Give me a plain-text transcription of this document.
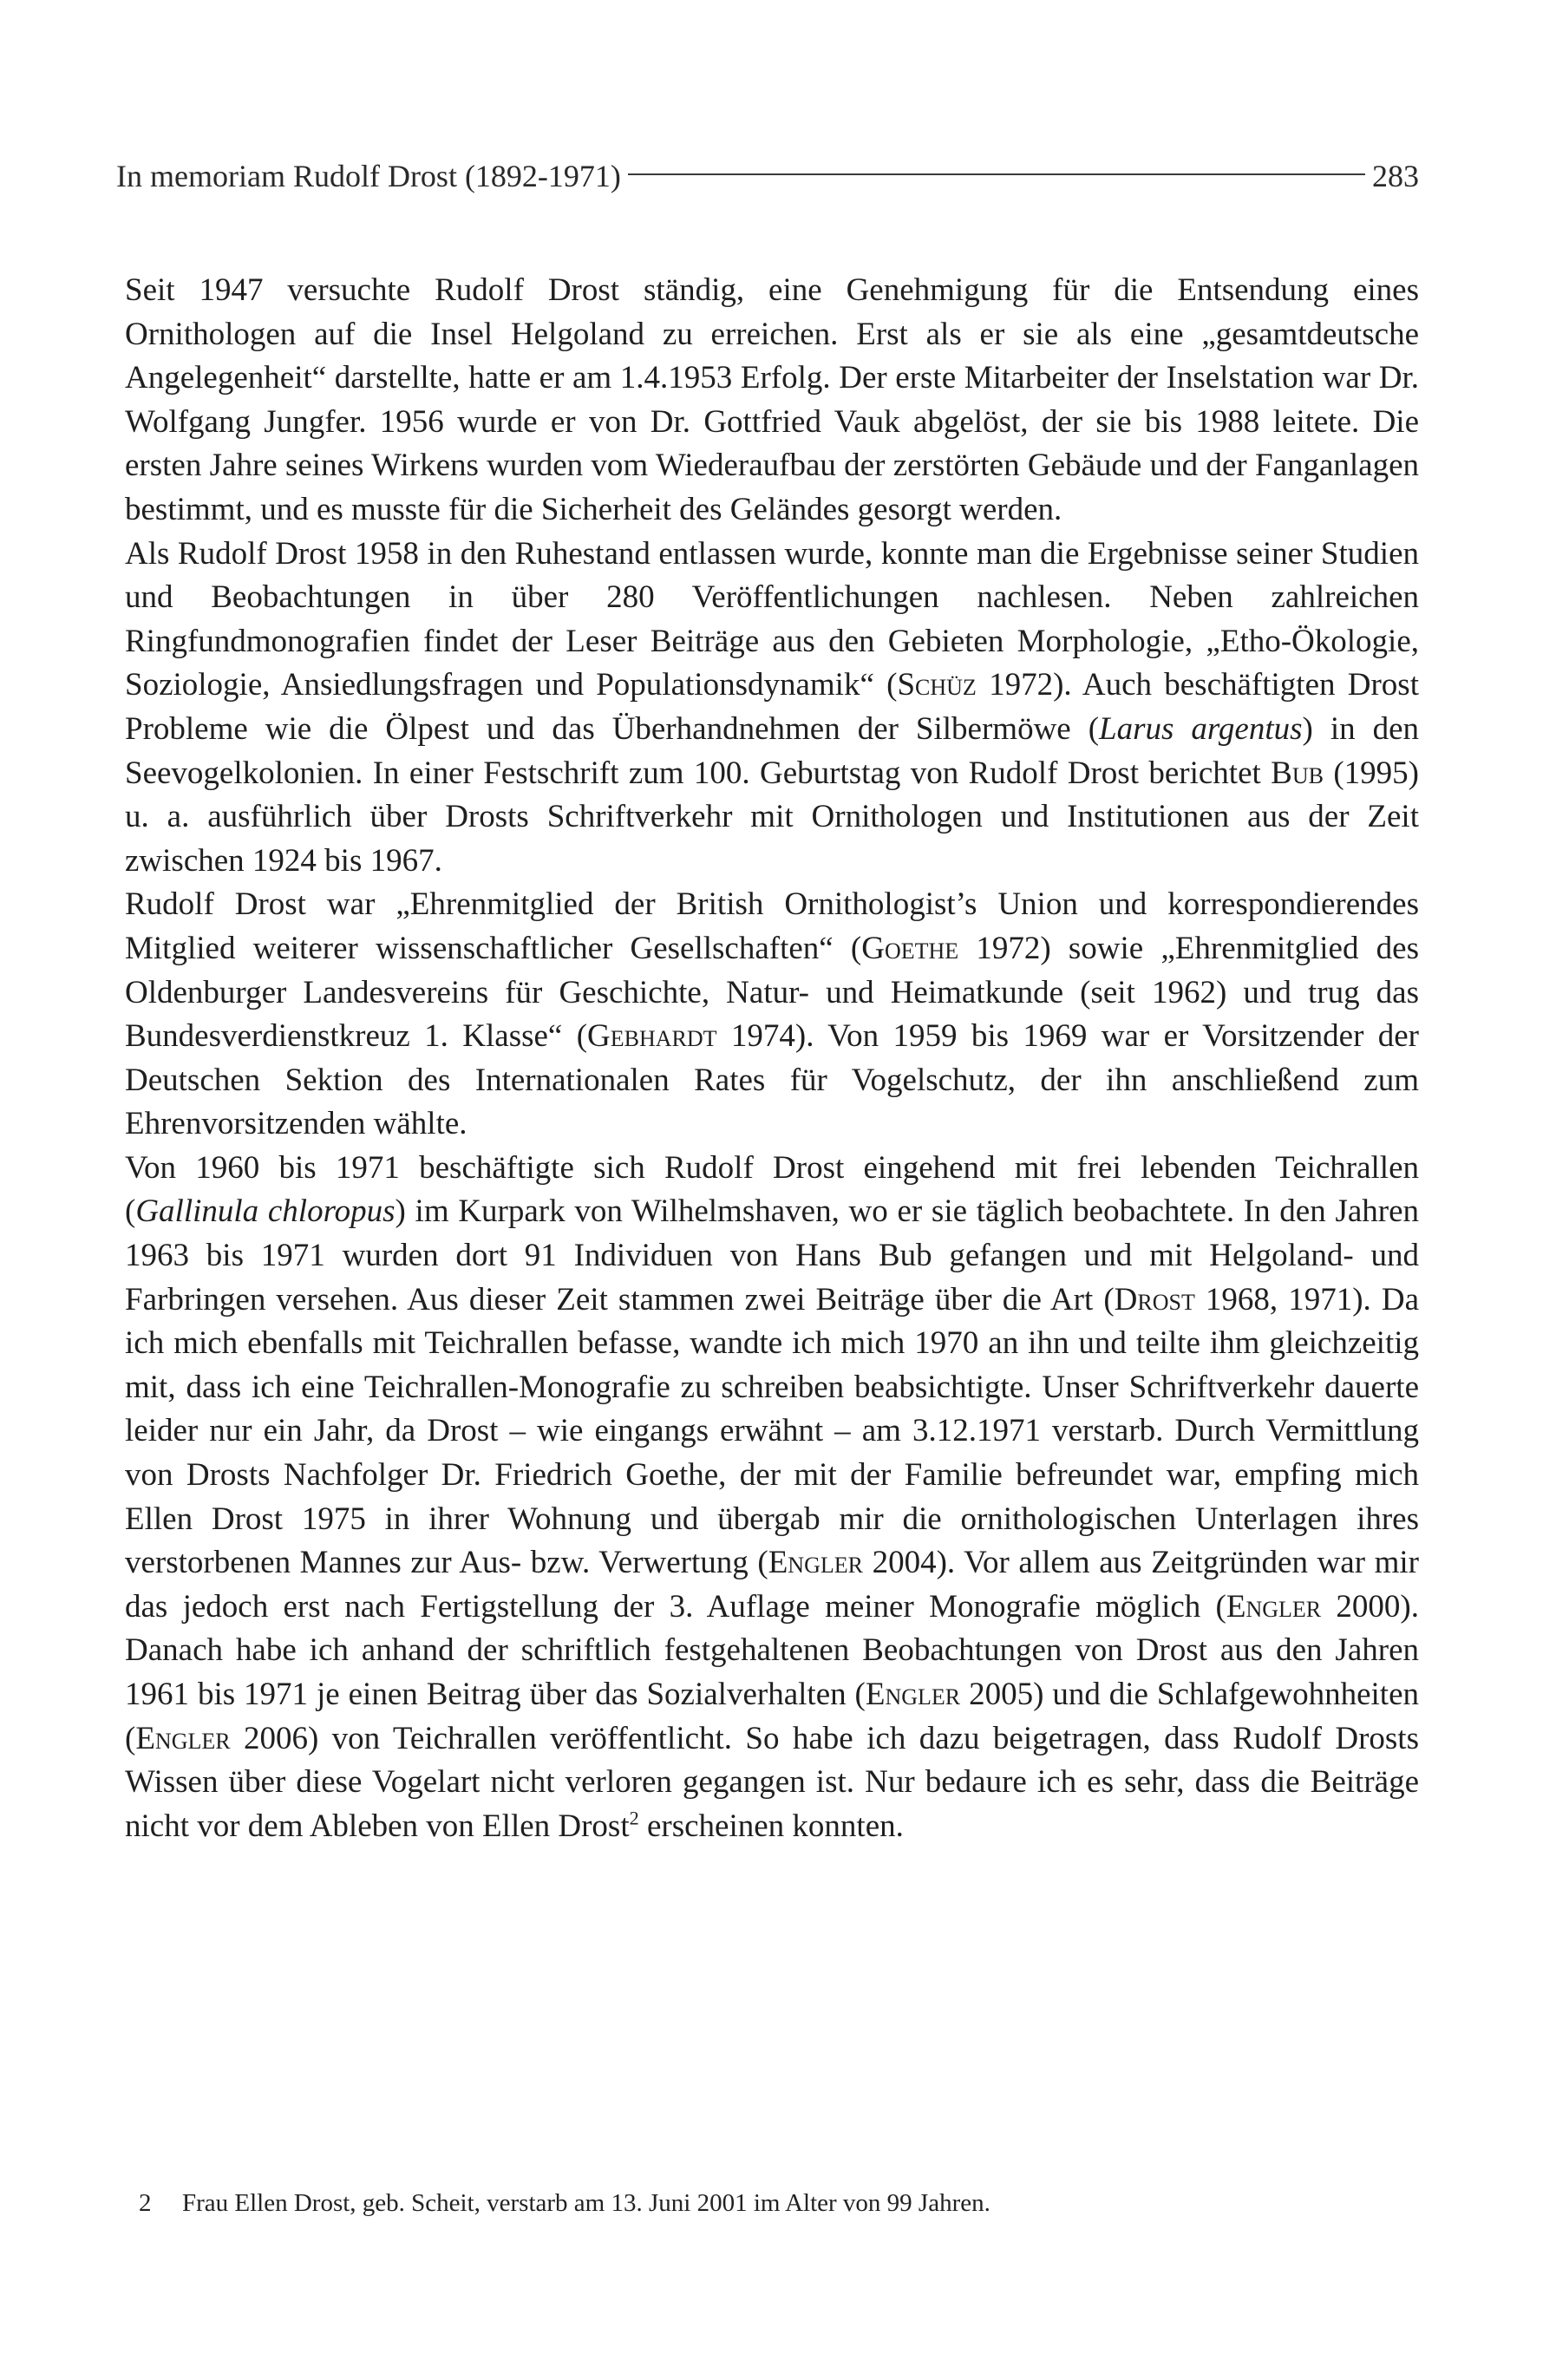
In memoriam Rudolf Drost (1892-1971)	283

Seit 1947 versuchte Rudolf Drost ständig, eine Genehmigung für die Entsendung eines Ornithologen auf die Insel Helgoland zu erreichen. Erst als er sie als eine „gesamtdeutsche Angelegenheit“ darstellte, hatte er am 1.4.1953 Erfolg. Der erste Mitarbeiter der Inselstation war Dr. Wolfgang Jungfer. 1956 wurde er von Dr. Gottfried Vauk abgelöst, der sie bis 1988 leitete. Die ersten Jahre seines Wirkens wurden vom Wiederaufbau der zerstörten Gebäude und der Fanganlagen bestimmt, und es musste für die Sicherheit des Geländes gesorgt werden.

Als Rudolf Drost 1958 in den Ruhestand entlassen wurde, konnte man die Ergebnisse seiner Studien und Beobachtungen in über 280 Veröffentlichungen nachlesen. Neben zahlreichen Ringfundmonografien findet der Leser Beiträge aus den Gebieten Morphologie, „Etho-Ökologie, Soziologie, Ansiedlungsfragen und Populationsdynamik“ (Schüz 1972). Auch beschäftigten Drost Probleme wie die Ölpest und das Überhandnehmen der Silbermöwe (Larus argentus) in den Seevogelkolonien. In einer Festschrift zum 100. Geburtstag von Rudolf Drost berichtet Bub (1995) u. a. ausführlich über Drosts Schriftverkehr mit Ornithologen und Institutionen aus der Zeit zwischen 1924 bis 1967.

Rudolf Drost war „Ehrenmitglied der British Ornithologist’s Union und korrespondierendes Mitglied weiterer wissenschaftlicher Gesellschaften“ (Goethe 1972) sowie „Ehrenmitglied des Oldenburger Landesvereins für Geschichte, Natur- und Heimatkunde (seit 1962) und trug das Bundesverdienstkreuz 1. Klasse“ (Gebhardt 1974). Von 1959 bis 1969 war er Vorsitzender der Deutschen Sektion des Internationalen Rates für Vogelschutz, der ihn anschließend zum Ehrenvorsitzenden wählte.

Von 1960 bis 1971 beschäftigte sich Rudolf Drost eingehend mit frei lebenden Teichrallen (Gallinula chloropus) im Kurpark von Wilhelmshaven, wo er sie täglich beobachtete. In den Jahren 1963 bis 1971 wurden dort 91 Individuen von Hans Bub gefangen und mit Helgoland- und Farbringen versehen. Aus dieser Zeit stammen zwei Beiträge über die Art (Drost 1968, 1971). Da ich mich ebenfalls mit Teichrallen befasse, wandte ich mich 1970 an ihn und teilte ihm gleichzeitig mit, dass ich eine Teichrallen-Monografie zu schreiben beabsichtigte. Unser Schriftverkehr dauerte leider nur ein Jahr, da Drost – wie eingangs erwähnt – am 3.12.1971 verstarb. Durch Vermittlung von Drosts Nachfolger Dr. Friedrich Goethe, der mit der Familie befreundet war, empfing mich Ellen Drost 1975 in ihrer Wohnung und übergab mir die ornithologischen Unterlagen ihres verstorbenen Mannes zur Aus- bzw. Verwertung (Engler 2004). Vor allem aus Zeitgründen war mir das jedoch erst nach Fertigstellung der 3. Auflage meiner Monografie möglich (Engler 2000). Danach habe ich anhand der schriftlich festgehaltenen Beobachtungen von Drost aus den Jahren 1961 bis 1971 je einen Beitrag über das Sozialverhalten (Engler 2005) und die Schlafgewohnheiten (Engler 2006) von Teichrallen veröffentlicht. So habe ich dazu beigetragen, dass Rudolf Drosts Wissen über diese Vogelart nicht verloren gegangen ist. Nur bedaure ich es sehr, dass die Beiträge nicht vor dem Ableben von Ellen Drost$^2$ erscheinen konnten.

2 Frau Ellen Drost, geb. Scheit, verstarb am 13. Juni 2001 im Alter von 99 Jahren.
